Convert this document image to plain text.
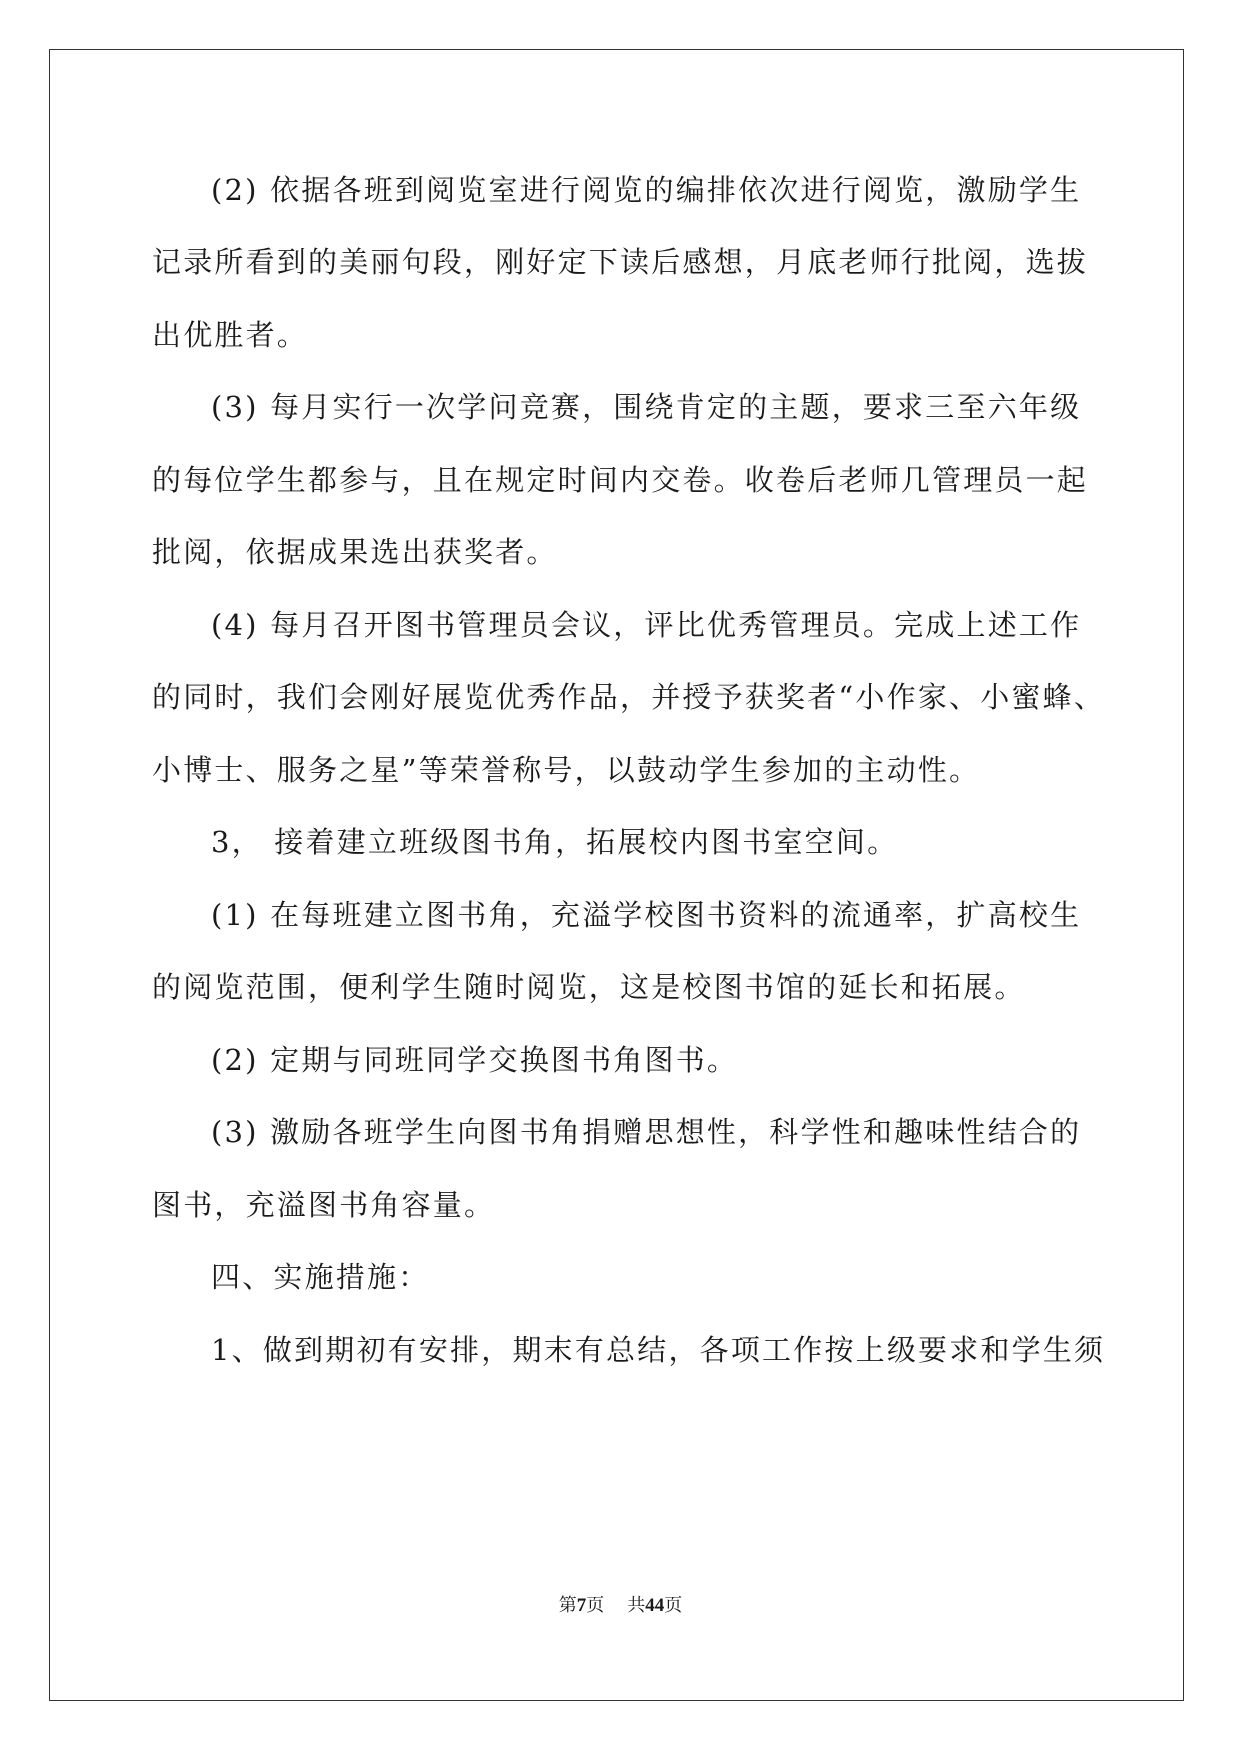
(2) 依据各班到阅览室进行阅览的编排依次进行阅览，激励学生
记录所看到的美丽句段，刚好定下读后感想，月底老师行批阅，选拔
出优胜者。
(3) 每月实行一次学问竞赛，围绕肯定的主题，要求三至六年级
的每位学生都参与，且在规定时间内交卷。收卷后老师几管理员一起
批阅，依据成果选出获奖者。
(4) 每月召开图书管理员会议，评比优秀管理员。完成上述工作
的同时，我们会刚好展览优秀作品，并授予获奖者“小作家、小蜜蜂、
小博士、服务之星”等荣誉称号，以鼓动学生参加的主动性。
3， 接着建立班级图书角，拓展校内图书室空间。
(1) 在每班建立图书角，充溢学校图书资料的流通率，扩高校生
的阅览范围，便利学生随时阅览，这是校图书馆的延长和拓展。
(2) 定期与同班同学交换图书角图书。
(3) 激励各班学生向图书角捐赠思想性，科学性和趣味性结合的
图书，充溢图书角容量。
四、实施措施：
1、做到期初有安排，期末有总结，各项工作按上级要求和学生须
第7页 共44页
